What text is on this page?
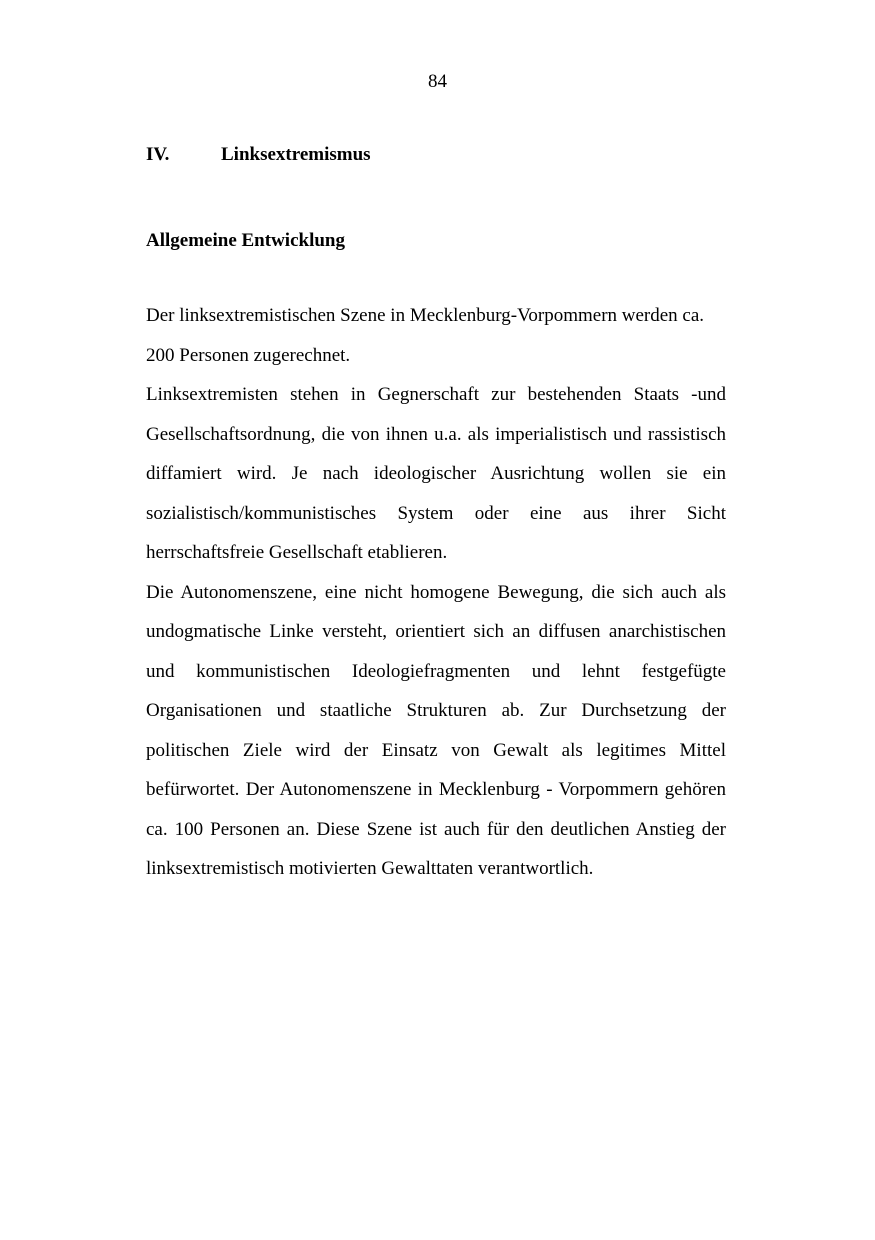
84
IV.	Linksextremismus
Allgemeine Entwicklung

Der linksextremistischen Szene in Mecklenburg-Vorpommern werden ca. 200 Personen zugerechnet.

Linksextremisten stehen in Gegnerschaft zur bestehenden Staats -und Gesellschaftsordnung, die von ihnen u.a. als imperialistisch und rassistisch diffamiert wird. Je nach ideologischer Ausrichtung wollen sie ein sozialistisch/kommunistisches System oder eine aus ihrer Sicht herrschaftsfreie Gesellschaft etablieren.

Die Autonomenszene, eine nicht homogene Bewegung, die sich auch als undogmatische Linke versteht, orientiert sich an diffusen anarchistischen und kommunistischen Ideologiefragmenten und lehnt festgefügte Organisationen und staatliche Strukturen ab. Zur Durchsetzung der politischen Ziele wird der Einsatz von Gewalt als legitimes Mittel befürwortet. Der Autonomenszene in Mecklenburg - Vorpommern gehören ca. 100 Personen an. Diese Szene ist auch für den deutlichen Anstieg der linksextremistisch motivierten Gewalttaten verantwortlich.
